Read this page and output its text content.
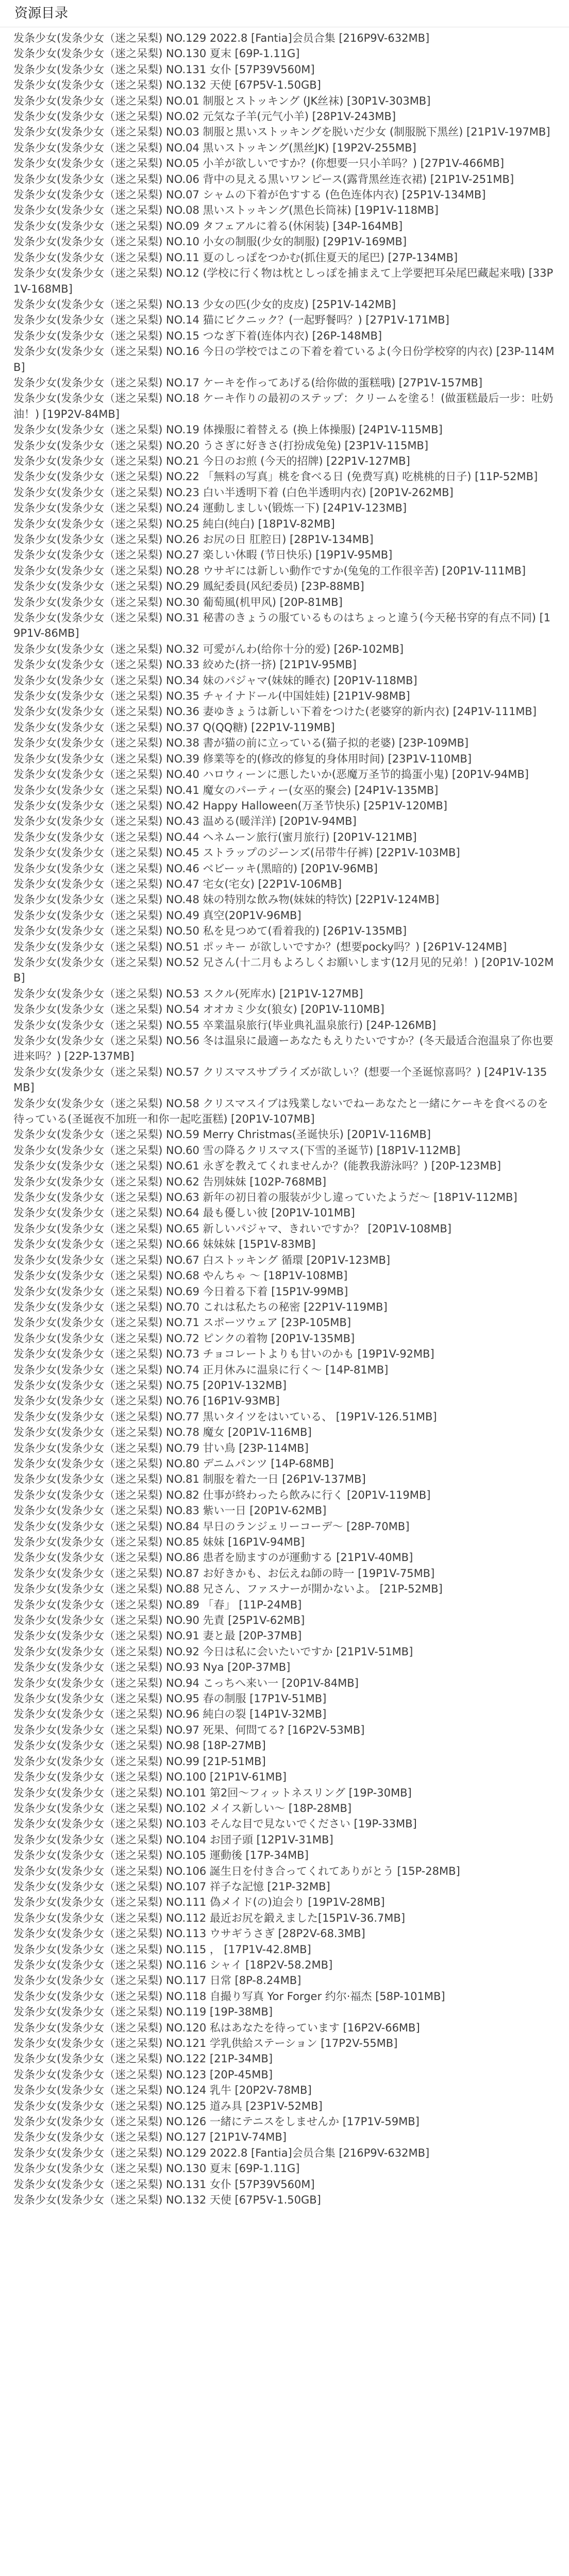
资源目录
发条少女(发条少女（迷之呆梨) NO.129 2022.8 [Fantia]会员合集 [216P9V-632MB]
发条少女(发条少女（迷之呆梨) NO.130 夏末 [69P-1.11G]
发条少女(发条少女（迷之呆梨) NO.131 女仆 [57P39V560M]
发条少女(发条少女（迷之呆梨) NO.132 天使 [67P5V-1.50GB]
发条少女(发条少女（迷之呆梨) NO.01 制服とストッキング (JK丝袜) [30P1V-303MB]
发条少女(发条少女（迷之呆梨) NO.02 元気な子羊(元气小羊) [28P1V-243MB]
发条少女(发条少女（迷之呆梨) NO.03 制服と黒いストッキングを脱いだ少女 (制服脱下黑丝) [21P1V-197MB]
发条少女(发条少女（迷之呆梨) NO.04 黒いストッキング(黑丝JK) [19P2V-255MB]
发条少女(发条少女（迷之呆梨) NO.05 小羊が欲しいですか？(你想要一只小羊吗？) [27P1V-466MB]
发条少女(发条少女（迷之呆梨) NO.06 背中の見える黒いワンピース(露背黑丝连衣裙) [21P1V-251MB]
发条少女(发条少女（迷之呆梨) NO.07 シャムの下着が色すする (色色连体内衣) [25P1V-134MB]
发条少女(发条少女（迷之呆梨) NO.08 黒いストッキング(黑色长筒袜) [19P1V-118MB]
发条少女(发条少女（迷之呆梨) NO.09 タフェアルに着る(休闲装) [34P-164MB]
发条少女(发条少女（迷之呆梨) NO.10 小女の制服(少女的制服) [29P1V-169MB]
发条少女(发条少女（迷之呆梨) NO.11 夏のしっぽをつかむ(抓住夏天的尾巴) [27P-134MB]
发条少女(发条少女（迷之呆梨) NO.12 (学校に行く物は枕としっぽを捕まえて上学要把耳朵尾巴藏起来哦) [33P1V-168MB]
发条少女(发条少女（迷之呆梨) NO.13 少女の匹(少女的皮皮) [25P1V-142MB]
发条少女(发条少女（迷之呆梨) NO.14 猫にビクニック？(一起野餐吗？) [27P1V-171MB]
发条少女(发条少女（迷之呆梨) NO.15 つなぎ下着(连体内衣) [26P-148MB]
发条少女(发条少女（迷之呆梨) NO.16 今日の学校ではこの下着を着ているよ(今日份学校穿的内衣) [23P-114MB]
发条少女(发条少女（迷之呆梨) NO.17 ケーキを作ってあげる(给你做的蛋糕哦) [27P1V-157MB]
发条少女(发条少女（迷之呆梨) NO.18 ケーキ作りの最初のステップ：クリームを塗る！(做蛋糕最后一步：吐奶油！) [19P2V-84MB]
发条少女(发条少女（迷之呆梨) NO.19 体操服に着替える (换上体操服) [24P1V-115MB]
发条少女(发条少女（迷之呆梨) NO.20 うさぎに好きさ(打扮成兔兔) [23P1V-115MB]
发条少女(发条少女（迷之呆梨) NO.21 今日のお煎 (今天的招牌) [22P1V-127MB]
发条少女(发条少女（迷之呆梨) NO.22 「無料の写真」桃を食べる日 (免费写真) 吃桃桃的日子) [11P-52MB]
发条少女(发条少女（迷之呆梨) NO.23 白い半透明下着 (白色半透明内衣) [20P1V-262MB]
发条少女(发条少女（迷之呆梨) NO.24 運動しましい(锻炼一下) [24P1V-123MB]
发条少女(发条少女（迷之呆梨) NO.25 純白(纯白) [18P1V-82MB]
发条少女(发条少女（迷之呆梨) NO.26 お尻の日 肛腔日) [28P1V-134MB]
发条少女(发条少女（迷之呆梨) NO.27 楽しい休暇 (节日快乐) [19P1V-95MB]
发条少女(发条少女（迷之呆梨) NO.28 ウサギには新しい動作ですか(兔兔的工作很辛苦) [20P1V-111MB]
发条少女(发条少女（迷之呆梨) NO.29 鳳紀委員(风纪委员) [23P-88MB]
发条少女(发条少女（迷之呆梨) NO.30 葡萄風(机甲风) [20P-81MB]
发条少女(发条少女（迷之呆梨) NO.31 秘書のきょうの服ているものはちょっと違う(今天秘书穿的有点不同) [19P1V-86MB]
发条少女(发条少女（迷之呆梨) NO.32 可愛がんわ(给你十分的爱) [26P-102MB]
发条少女(发条少女（迷之呆梨) NO.33 絞めた(挤一挤) [21P1V-95MB]
发条少女(发条少女（迷之呆梨) NO.34 妹のパジャマ(妹妹的睡衣) [20P1V-118MB]
发条少女(发条少女（迷之呆梨) NO.35 チャイナドール(中国娃娃) [21P1V-98MB]
发条少女(发条少女（迷之呆梨) NO.36 妻ゆきょうは新しい下着をつけた(老婆穿的新内衣) [24P1V-111MB]
发条少女(发条少女（迷之呆梨) NO.37 Q(QQ糖) [22P1V-119MB]
发条少女(发条少女（迷之呆梨) NO.38 書が猫の前に立っている(猫子拟的老婆) [23P-109MB]
发条少女(发条少女（迷之呆梨) NO.39 修業等を的(修改的修复的身体用时间) [23P1V-110MB]
发条少女(发条少女（迷之呆梨) NO.40 ハロウィーンに悪したいか(恶魔万圣节的捣蛋小鬼) [20P1V-94MB]
发条少女(发条少女（迷之呆梨) NO.41 魔女のパーティー(女巫的聚会) [24P1V-135MB]
发条少女(发条少女（迷之呆梨) NO.42 Happy Halloween(万圣节快乐) [25P1V-120MB]
发条少女(发条少女（迷之呆梨) NO.43 温める(暖洋洋) [20P1V-94MB]
发条少女(发条少女（迷之呆梨) NO.44 ヘネムーン旅行(蜜月旅行) [20P1V-121MB]
发条少女(发条少女（迷之呆梨) NO.45 ストラップのジーンズ(吊带牛仔裤) [22P1V-103MB]
发条少女(发条少女（迷之呆梨) NO.46 ベビーッキ(黑暗的) [20P1V-96MB]
发条少女(发条少女（迷之呆梨) NO.47 宅女(宅女) [22P1V-106MB]
发条少女(发条少女（迷之呆梨) NO.48 妹の特別な飲み物(妹妹的特饮) [22P1V-124MB]
发条少女(发条少女（迷之呆梨) NO.49 真空(20P1V-96MB]
发条少女(发条少女（迷之呆梨) NO.50 私を見つめて(看着我的) [26P1V-135MB]
发条少女(发条少女（迷之呆梨) NO.51 ポッキー が欲しいですか？(想要pocky吗？) [26P1V-124MB]
发条少女(发条少女（迷之呆梨) NO.52 兄さん(十二月もよろしくお願いします(12月见的兄弟！) [20P1V-102MB]
发条少女(发条少女（迷之呆梨) NO.53 スクル(死库水) [21P1V-127MB]
发条少女(发条少女（迷之呆梨) NO.54 オオカミ少女(狼女) [20P1V-110MB]
发条少女(发条少女（迷之呆梨) NO.55 卒業温泉旅行(毕业典礼温泉旅行) [24P-126MB]
发条少女(发条少女（迷之呆梨) NO.56 冬は温泉に最適ーあなたもえりたいですか？(冬天最适合泡温泉了你也要进来吗？) [22P-137MB]
发条少女(发条少女（迷之呆梨) NO.57 クリスマスサプライズが欲しい？(想要一个圣诞惊喜吗？) [24P1V-135MB]
发条少女(发条少女（迷之呆梨) NO.58 クリスマスイブは残業しないでねーあなたと一緒にケーキを食べるのを待っている(圣诞夜不加班一和你一起吃蛋糕) [20P1V-107MB]
发条少女(发条少女（迷之呆梨) NO.59 Merry Christmas(圣诞快乐) [20P1V-116MB]
发条少女(发条少女（迷之呆梨) NO.60 雪の降るクリスマス(下雪的圣诞节) [18P1V-112MB]
发条少女(发条少女（迷之呆梨) NO.61 永ぎを教えてくれませんか？(能教我游泳吗？) [20P-123MB]
发条少女(发条少女（迷之呆梨) NO.62 告別妹妹 [102P-768MB]
发条少女(发条少女（迷之呆梨) NO.63 新年の初日着の服装が少し違っていたようだ～ [18P1V-112MB]
发条少女(发条少女（迷之呆梨) NO.64 最も優しい彼 [20P1V-101MB]
发条少女(发条少女（迷之呆梨) NO.65 新しいパジャマ、きれいですか？ [20P1V-108MB]
发条少女(发条少女（迷之呆梨) NO.66 妹妹妹 [15P1V-83MB]
发条少女(发条少女（迷之呆梨) NO.67 白ストッキング 循環 [20P1V-123MB]
发条少女(发条少女（迷之呆梨) NO.68 やんちゃ ～ [18P1V-108MB]
发条少女(发条少女（迷之呆梨) NO.69 今日着る下着 [15P1V-99MB]
发条少女(发条少女（迷之呆梨) NO.70 これは私たちの秘密 [22P1V-119MB]
发条少女(发条少女（迷之呆梨) NO.71 スポーツウェア [23P-105MB]
发条少女(发条少女（迷之呆梨) NO.72 ピンクの着物 [20P1V-135MB]
发条少女(发条少女（迷之呆梨) NO.73 チョコレートよりも甘いのかも [19P1V-92MB]
发条少女(发条少女（迷之呆梨) NO.74 正月休みに温泉に行く～ [14P-81MB]
发条少女(发条少女（迷之呆梨) NO.75 [20P1V-132MB]
发条少女(发条少女（迷之呆梨) NO.76 [16P1V-93MB]
发条少女(发条少女（迷之呆梨) NO.77 黒いタイツをはいている、 [19P1V-126.51MB]
发条少女(发条少女（迷之呆梨) NO.78 魔女 [20P1V-116MB]
发条少女(发条少女（迷之呆梨) NO.79 甘い鳥 [23P-114MB]
发条少女(发条少女（迷之呆梨) NO.80 デニムパンツ [14P-68MB]
发条少女(发条少女（迷之呆梨) NO.81 制服を着た一日 [26P1V-137MB]
发条少女(发条少女（迷之呆梨) NO.82 仕事が終わったら飲みに行く [20P1V-119MB]
发条少女(发条少女（迷之呆梨) NO.83 紫い一日 [20P1V-62MB]
发条少女(发条少女（迷之呆梨) NO.84 早日のランジェリーコーデ～ [28P-70MB]
发条少女(发条少女（迷之呆梨) NO.85 妹妹 [16P1V-94MB]
发条少女(发条少女（迷之呆梨) NO.86 患者を励ますのが運動する [21P1V-40MB]
发条少女(发条少女（迷之呆梨) NO.87 お好きかも、お伝えね師の時一 [19P1V-75MB]
发条少女(发条少女（迷之呆梨) NO.88 兄さん、ファスナーが開かないよ。 [21P-52MB]
发条少女(发条少女（迷之呆梨) NO.89 「春」 [11P-24MB]
发条少女(发条少女（迷之呆梨) NO.90 先責 [25P1V-62MB]
发条少女(发条少女（迷之呆梨) NO.91 妻と最 [20P-37MB]
发条少女(发条少女（迷之呆梨) NO.92 今日は私に会いたいですか [21P1V-51MB]
发条少女(发条少女（迷之呆梨) NO.93 Nya [20P-37MB]
发条少女(发条少女（迷之呆梨) NO.94 こっちへ来い一 [20P1V-84MB]
发条少女(发条少女（迷之呆梨) NO.95 春の制服 [17P1V-51MB]
发条少女(发条少女（迷之呆梨) NO.96 純白の裂 [14P1V-32MB]
发条少女(发条少女（迷之呆梨) NO.97 死果、何問てる? [16P2V-53MB]
发条少女(发条少女（迷之呆梨) NO.98 [18P-27MB]
发条少女(发条少女（迷之呆梨) NO.99 [21P-51MB]
发条少女(发条少女（迷之呆梨) NO.100 [21P1V-61MB]
发条少女(发条少女（迷之呆梨) NO.101 第2回～フィットネスリング [19P-30MB]
发条少女(发条少女（迷之呆梨) NO.102 メイス新しい～ [18P-28MB]
发条少女(发条少女（迷之呆梨) NO.103 そんな目で見ないでください [19P-33MB]
发条少女(发条少女（迷之呆梨) NO.104 お団子頭 [12P1V-31MB]
发条少女(发条少女（迷之呆梨) NO.105 運動後 [17P-34MB]
发条少女(发条少女（迷之呆梨) NO.106 誕生日を付き合ってくれてありがとう [15P-28MB]
发条少女(发条少女（迷之呆梨) NO.107 祥子な記憶 [21P-32MB]
发条少女(发条少女（迷之呆梨) NO.111 偽メイド(の)迫会り [19P1V-28MB]
发条少女(发条少女（迷之呆梨) NO.112 最近お尻を鍛えました[15P1V-36.7MB]
发条少女(发条少女（迷之呆梨) NO.113 ウサギうさぎ [28P2V-68.3MB]
发条少女(发条少女（迷之呆梨) NO.115 ， [17P1V-42.8MB]
发条少女(发条少女（迷之呆梨) NO.116 シャイ [18P2V-58.2MB]
发条少女(发条少女（迷之呆梨) NO.117 日常 [8P-8.24MB]
发条少女(发条少女（迷之呆梨) NO.118 自撮り写真 Yor Forger 约尔·福杰 [58P-101MB]
发条少女(发条少女（迷之呆梨) NO.119 [19P-38MB]
发条少女(发条少女（迷之呆梨) NO.120 私はあなたを待っています [16P2V-66MB]
发条少女(发条少女（迷之呆梨) NO.121 学乳供給ステーション [17P2V-55MB]
发条少女(发条少女（迷之呆梨) NO.122 [21P-34MB]
发条少女(发条少女（迷之呆梨) NO.123 [20P-45MB]
发条少女(发条少女（迷之呆梨) NO.124 乳牛 [20P2V-78MB]
发条少女(发条少女（迷之呆梨) NO.125 道み具 [23P1V-52MB]
发条少女(发条少女（迷之呆梨) NO.126 一緒にテニスをしませんか [17P1V-59MB]
发条少女(发条少女（迷之呆梨) NO.127 [21P1V-74MB]
发条少女(发条少女（迷之呆梨) NO.129 2022.8 [Fantia]会员合集 [216P9V-632MB]
发条少女(发条少女（迷之呆梨) NO.130 夏末 [69P-1.11G]
发条少女(发条少女（迷之呆梨) NO.131 女仆 [57P39V560M]
发条少女(发条少女（迷之呆梨) NO.132 天使 [67P5V-1.50GB]
